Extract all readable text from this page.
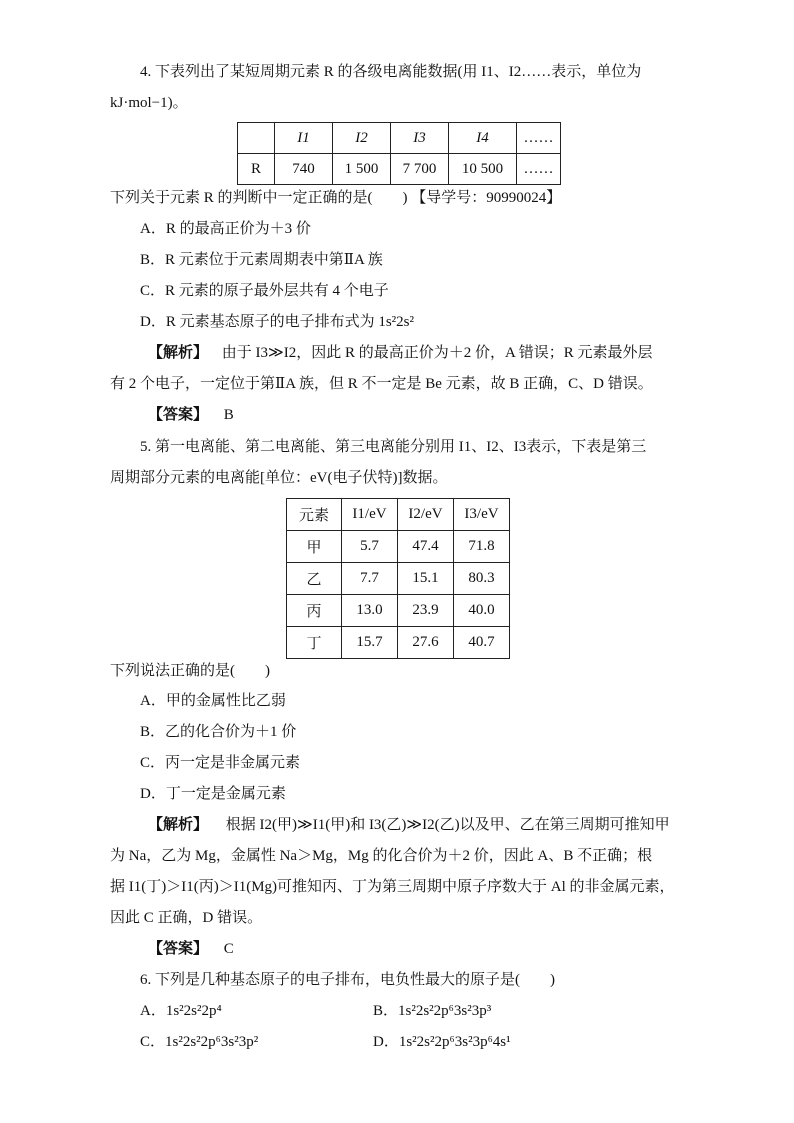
4. 下表列出了某短周期元素 R 的各级电离能数据(用 I1、I2……表示，单位为
kJ·mol−1)。
	I1	I2	I3	I4	……
R	740	1 500	7 700	10 500	……
下列关于元素 R 的判断中一定正确的是(　　) 【导学号：90990024】
A．R 的最高正价为＋3 价
B．R 元素位于元素周期表中第ⅡA 族
C．R 元素的原子最外层共有 4 个电子
D．R 元素基态原子的电子排布式为 1s²2s²
【解析】 由于 I3≫I2，因此 R 的最高正价为＋2 价，A 错误；R 元素最外层
有 2 个电子，一定位于第ⅡA 族，但 R 不一定是 Be 元素，故 B 正确，C、D 错误。
【答案】 B
5. 第一电离能、第二电离能、第三电离能分别用 I1、I2、I3表示，下表是第三
周期部分元素的电离能[单位：eV(电子伏特)]数据。
元素	I1/eV	I2/eV	I3/eV
甲	5.7	47.4	71.8
乙	7.7	15.1	80.3
丙	13.0	23.9	40.0
丁	15.7	27.6	40.7
下列说法正确的是(　　)
A．甲的金属性比乙弱
B．乙的化合价为＋1 价
C．丙一定是非金属元素
D．丁一定是金属元素
【解析】 根据 I2(甲)≫I1(甲)和 I3(乙)≫I2(乙)以及甲、乙在第三周期可推知甲
为 Na，乙为 Mg，金属性 Na＞Mg，Mg 的化合价为＋2 价，因此 A、B 不正确；根
据 I1(丁)＞I1(丙)＞I1(Mg)可推知丙、丁为第三周期中原子序数大于 Al 的非金属元素，
因此 C 正确，D 错误。
【答案】 C
6. 下列是几种基态原子的电子排布，电负性最大的原子是(　　)
A．1s²2s²2p⁴	B．1s²2s²2p⁶3s²3p³
C．1s²2s²2p⁶3s²3p²	D．1s²2s²2p⁶3s²3p⁶4s¹
